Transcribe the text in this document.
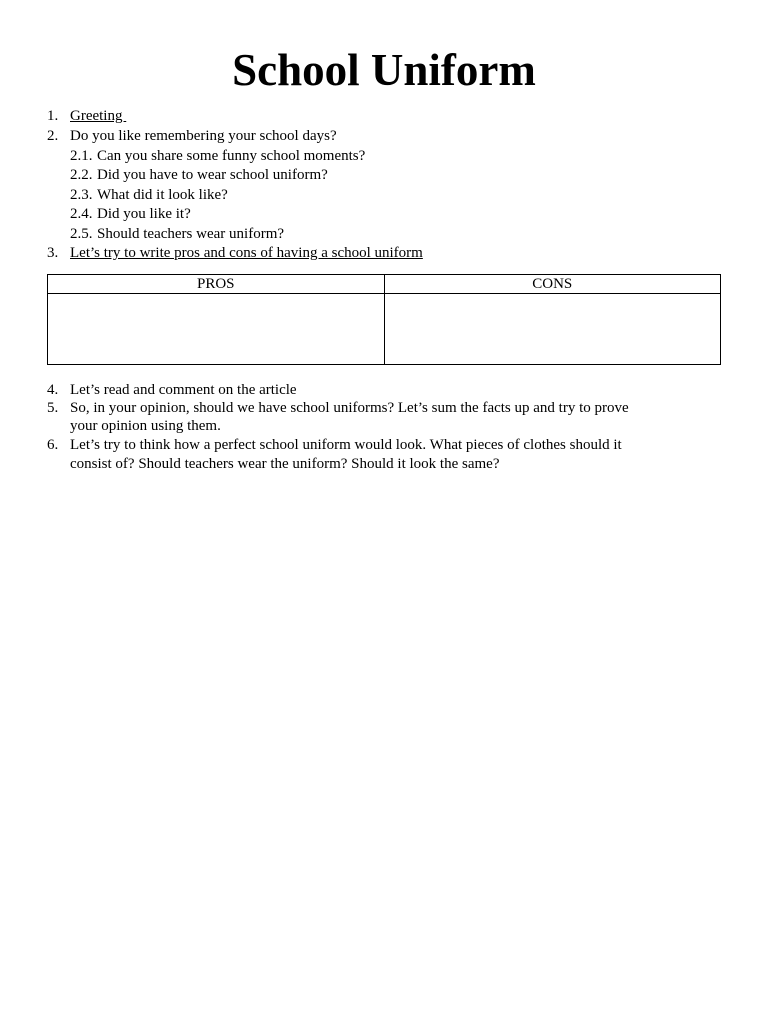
School Uniform
1. Greeting
2. Do you like remembering your school days?
2.1. Can you share some funny school moments?
2.2. Did you have to wear school uniform?
2.3. What did it look like?
2.4. Did you like it?
2.5. Should teachers wear uniform?
3. Let’s try to write pros and cons of having a school uniform
PROS	CONS

4. Let’s read and comment on the article
5. So, in your opinion, should we have school uniforms? Let’s sum the facts up and try to prove
your opinion using them.
6. Let’s try to think how a perfect school uniform would look. What pieces of clothes should it
consist of? Should teachers wear the uniform? Should it look the same?
